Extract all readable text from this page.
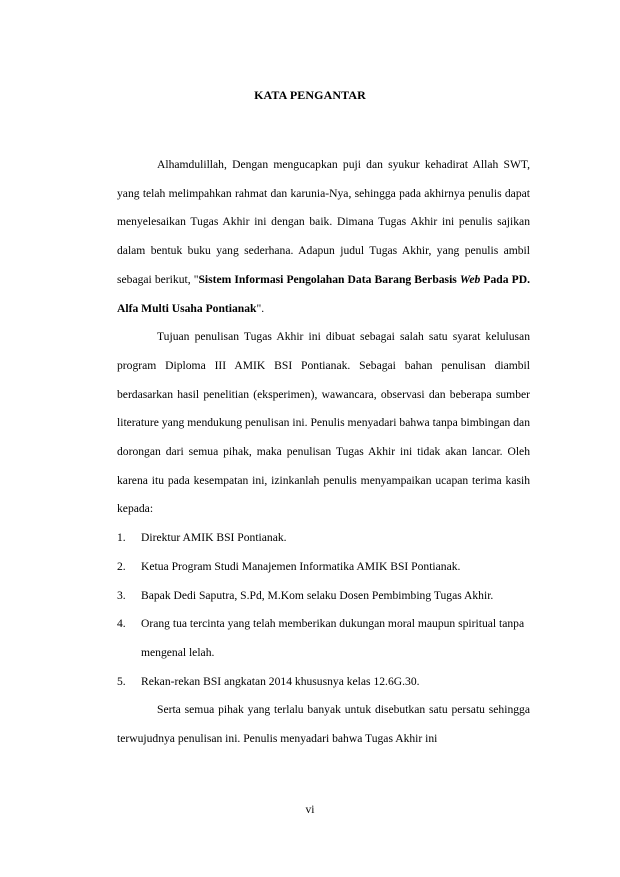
KATA PENGANTAR

Alhamdulillah, Dengan mengucapkan puji dan syukur kehadirat Allah SWT, yang telah melimpahkan rahmat dan karunia-Nya, sehingga pada akhirnya penulis dapat menyelesaikan Tugas Akhir ini dengan baik. Dimana Tugas Akhir ini penulis sajikan dalam bentuk buku yang sederhana. Adapun judul Tugas Akhir, yang penulis ambil sebagai berikut, "Sistem Informasi Pengolahan Data Barang Berbasis Web Pada PD. Alfa Multi Usaha Pontianak".

Tujuan penulisan Tugas Akhir ini dibuat sebagai salah satu syarat kelulusan program Diploma III AMIK BSI Pontianak. Sebagai bahan penulisan diambil berdasarkan hasil penelitian (eksperimen), wawancara, observasi dan beberapa sumber literature yang mendukung penulisan ini. Penulis menyadari bahwa tanpa bimbingan dan dorongan dari semua pihak, maka penulisan Tugas Akhir ini tidak akan lancar. Oleh karena itu pada kesempatan ini, izinkanlah penulis menyampaikan ucapan terima kasih kepada:

1. Direktur AMIK BSI Pontianak.
2. Ketua Program Studi Manajemen Informatika AMIK BSI Pontianak.
3. Bapak Dedi Saputra, S.Pd, M.Kom selaku Dosen Pembimbing Tugas Akhir.
4. Orang tua tercinta yang telah memberikan dukungan moral maupun spiritual tanpa mengenal lelah.
5. Rekan-rekan BSI angkatan 2014 khususnya kelas 12.6G.30.

Serta semua pihak yang terlalu banyak untuk disebutkan satu persatu sehingga terwujudnya penulisan ini. Penulis menyadari bahwa Tugas Akhir ini

vi
